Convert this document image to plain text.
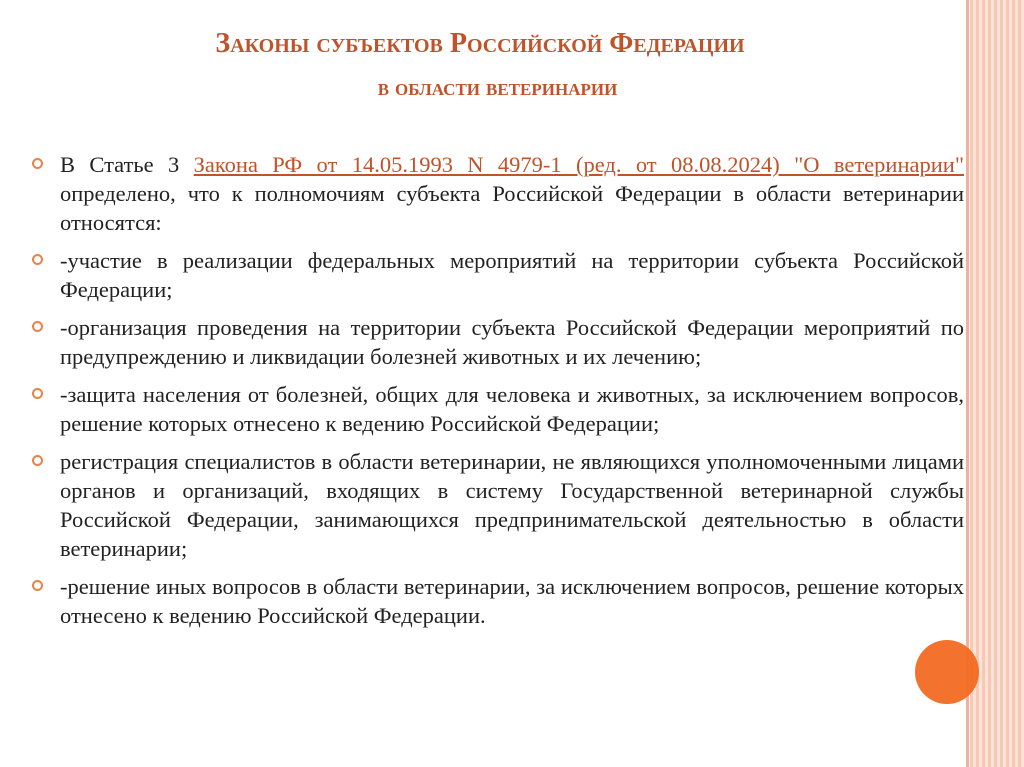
Законы субъектов Российской Федерации
в области ветеринарии
В Статье 3 Закона РФ от 14.05.1993 N 4979-1 (ред. от 08.08.2024) "О ветеринарии" определено, что к полномочиям субъекта Российской Федерации в области ветеринарии относятся:
-участие в реализации федеральных мероприятий на территории субъекта Российской Федерации;
-организация проведения на территории субъекта Российской Федерации мероприятий по предупреждению и ликвидации болезней животных и их лечению;
-защита населения от болезней, общих для человека и животных, за исключением вопросов, решение которых отнесено к ведению Российской Федерации;
регистрация специалистов в области ветеринарии, не являющихся уполномоченными лицами органов и организаций, входящих в систему Государственной ветеринарной службы Российской Федерации, занимающихся предпринимательской деятельностью в области ветеринарии;
-решение иных вопросов в области ветеринарии, за исключением вопросов, решение которых отнесено к ведению Российской Федерации.
